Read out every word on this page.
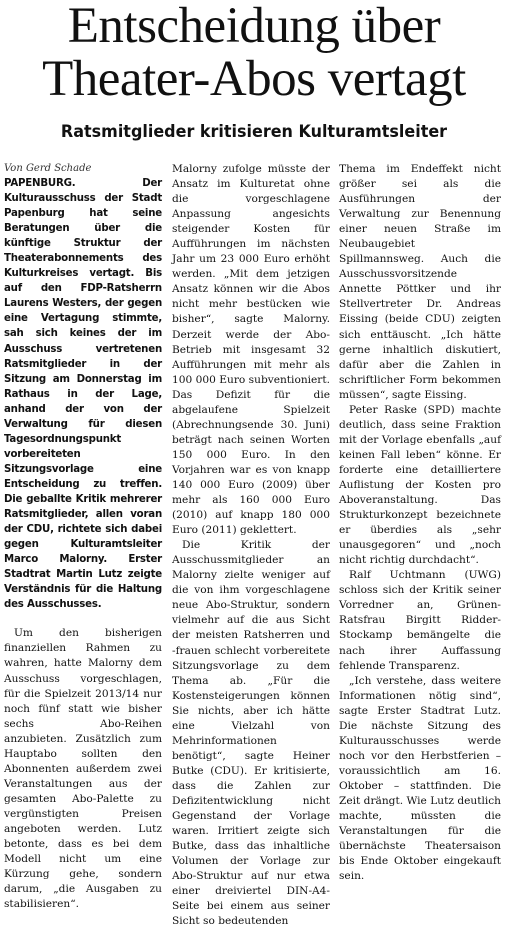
Entscheidung über
Theater-Abos vertagt
Ratsmitglieder kritisieren Kulturamtsleiter

Von Gerd Schade

PAPENBURG. Der Kulturausschuss der Stadt Papenburg hat seine Beratungen über die künftige Struktur der Theaterabonnements des Kulturkreises vertagt. Bis auf den FDP-Ratsherrn Laurens Westers, der gegen eine Vertagung stimmte, sah sich keines der im Ausschuss vertretenen Ratsmitglieder in der Sitzung am Donnerstag im Rathaus in der Lage, anhand der von der Verwaltung für diesen Tagesordnungspunkt vorbereiteten Sitzungsvorlage eine Entscheidung zu treffen. Die geballte Kritik mehrerer Ratsmitglieder, allen voran der CDU, richtete sich dabei gegen Kulturamtsleiter Marco Malorny. Erster Stadtrat Martin Lutz zeigte Verständnis für die Haltung des Ausschusses.

Um den bisherigen finanziellen Rahmen zu wahren, hatte Malorny dem Ausschuss vorgeschlagen, für die Spielzeit 2013/14 nur noch fünf statt wie bisher sechs Abo-Reihen anzubieten. Zusätzlich zum Hauptabo sollten den Abonnenten außerdem zwei Veranstaltungen aus der gesamten Abo-Palette zu vergünstigten Preisen angeboten werden. Lutz betonte, dass es bei dem Modell nicht um eine Kürzung gehe, sondern darum, „die Ausgaben zu stabilisieren“.

Malorny zufolge müsste der Ansatz im Kulturetat ohne die vorgeschlagene Anpassung angesichts steigender Kosten für Aufführungen im nächsten Jahr um 23 000 Euro erhöht werden. „Mit dem jetzigen Ansatz können wir die Abos nicht mehr bestücken wie bisher“, sagte Malorny. Derzeit werde der Abo-Betrieb mit insgesamt 32 Aufführungen mit mehr als 100 000 Euro subventioniert. Das Defizit für die abgelaufene Spielzeit (Abrechnungsende 30. Juni) beträgt nach seinen Worten 150 000 Euro. In den Vorjahren war es von knapp 140 000 Euro (2009) über mehr als 160 000 Euro (2010) auf knapp 180 000 Euro (2011) geklettert.

Die Kritik der Ausschussmitglieder an Malorny zielte weniger auf die von ihm vorgeschlagene neue Abo-Struktur, sondern vielmehr auf die aus Sicht der meisten Ratsherren und -frauen schlecht vorbereitete Sitzungsvorlage zu dem Thema ab. „Für die Kostensteigerungen können Sie nichts, aber ich hätte eine Vielzahl von Mehrinformationen benötigt“, sagte Heiner Butke (CDU). Er kritisierte, dass die Zahlen zur Defizitentwicklung nicht Gegenstand der Vorlage waren. Irritiert zeigte sich Butke, dass das inhaltliche Volumen der Vorlage zur Abo-Struktur auf nur etwa einer dreiviertel DIN-A4-Seite bei einem aus seiner Sicht so bedeutenden

Thema im Endeffekt nicht größer sei als die Ausführungen der Verwaltung zur Benennung einer neuen Straße im Neubaugebiet Spillmannsweg. Auch die Ausschussvorsitzende Annette Pöttker und ihr Stellvertreter Dr. Andreas Eissing (beide CDU) zeigten sich enttäuscht. „Ich hätte gerne inhaltlich diskutiert, dafür aber die Zahlen in schriftlicher Form bekommen müssen“, sagte Eissing.

Peter Raske (SPD) machte deutlich, dass seine Fraktion mit der Vorlage ebenfalls „auf keinen Fall leben“ könne. Er forderte eine detailliertere Auflistung der Kosten pro Aboveranstaltung. Das Strukturkonzept bezeichnete er überdies als „sehr unausgegoren“ und „noch nicht richtig durchdacht“.

Ralf Uchtmann (UWG) schloss sich der Kritik seiner Vorredner an, Grünen-Ratsfrau Birgitt Ridder-Stockamp bemängelte die nach ihrer Auffassung fehlende Transparenz.

„Ich verstehe, dass weitere Informationen nötig sind“, sagte Erster Stadtrat Lutz. Die nächste Sitzung des Kulturausschusses werde noch vor den Herbstferien – voraussichtlich am 16. Oktober – stattfinden. Die Zeit drängt. Wie Lutz deutlich machte, müssten die Veranstaltungen für die übernächste Theatersaison bis Ende Oktober eingekauft sein.
